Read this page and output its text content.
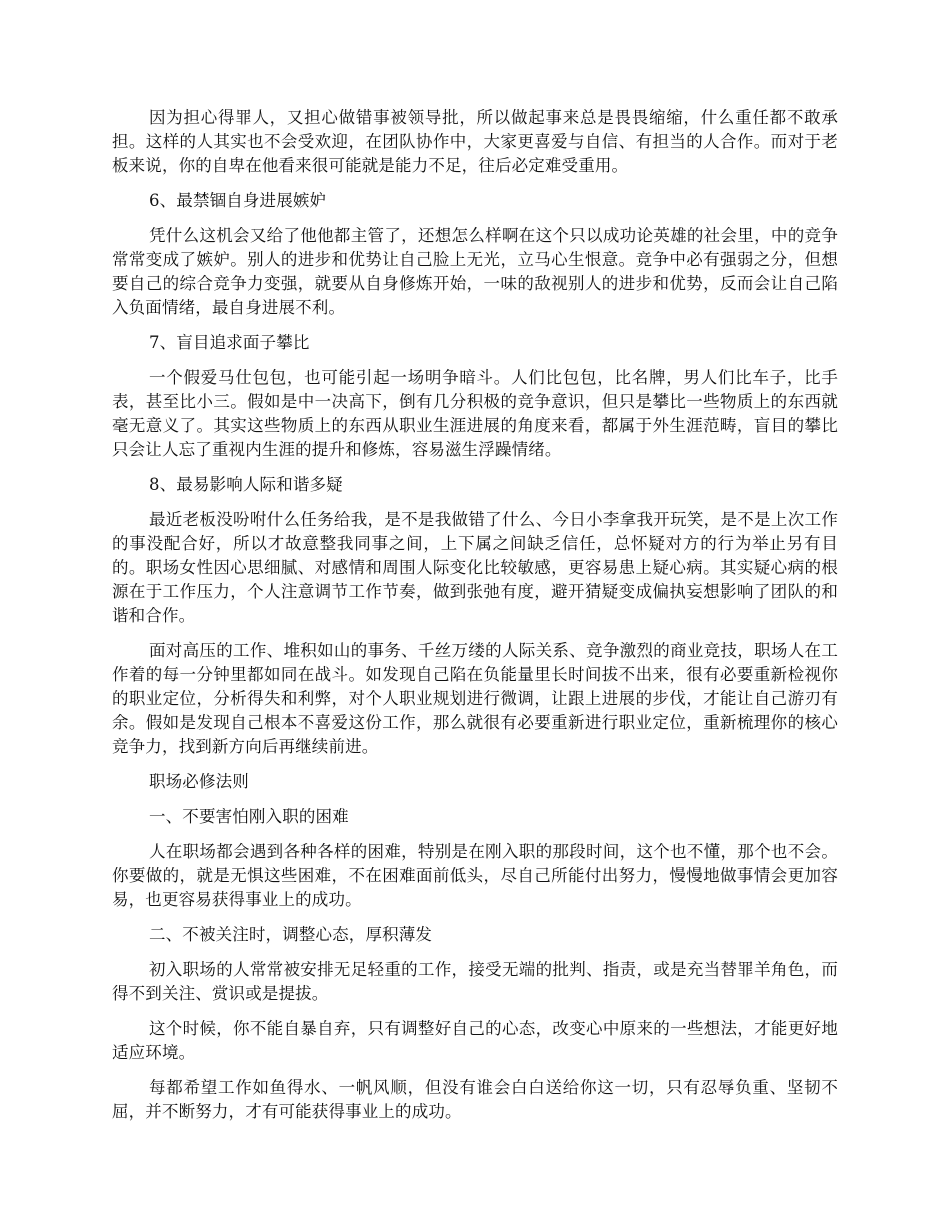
因为担心得罪人，又担心做错事被领导批，所以做起事来总是畏畏缩缩，什么重任都不敢承担。这样的人其实也不会受欢迎，在团队协作中，大家更喜爱与自信、有担当的人合作。而对于老板来说，你的自卑在他看来很可能就是能力不足，往后必定难受重用。

6、最禁锢自身进展嫉妒

凭什么这机会又给了他他都主管了，还想怎么样啊在这个只以成功论英雄的社会里，中的竞争常常变成了嫉妒。别人的进步和优势让自己脸上无光，立马心生恨意。竞争中必有强弱之分，但想要自己的综合竞争力变强，就要从自身修炼开始，一味的敌视别人的进步和优势，反而会让自己陷入负面情绪，最自身进展不利。

7、盲目追求面子攀比

一个假爱马仕包包，也可能引起一场明争暗斗。人们比包包，比名牌，男人们比车子，比手表，甚至比小三。假如是中一决高下，倒有几分积极的竞争意识，但只是攀比一些物质上的东西就毫无意义了。其实这些物质上的东西从职业生涯进展的角度来看，都属于外生涯范畴，盲目的攀比只会让人忘了重视内生涯的提升和修炼，容易滋生浮躁情绪。

8、最易影响人际和谐多疑

最近老板没吩咐什么任务给我，是不是我做错了什么、今日小李拿我开玩笑，是不是上次工作的事没配合好，所以才故意整我同事之间，上下属之间缺乏信任，总怀疑对方的行为举止另有目的。职场女性因心思细腻、对感情和周围人际变化比较敏感，更容易患上疑心病。其实疑心病的根源在于工作压力，个人注意调节工作节奏，做到张弛有度，避开猜疑变成偏执妄想影响了团队的和谐和合作。

面对高压的工作、堆积如山的事务、千丝万缕的人际关系、竞争激烈的商业竞技，职场人在工作着的每一分钟里都如同在战斗。如发现自己陷在负能量里长时间拔不出来，很有必要重新检视你的职业定位，分析得失和利弊，对个人职业规划进行微调，让跟上进展的步伐，才能让自己游刃有余。假如是发现自己根本不喜爱这份工作，那么就很有必要重新进行职业定位，重新梳理你的核心竞争力，找到新方向后再继续前进。

职场必修法则

一、不要害怕刚入职的困难

人在职场都会遇到各种各样的困难，特别是在刚入职的那段时间，这个也不懂，那个也不会。你要做的，就是无惧这些困难，不在困难面前低头，尽自己所能付出努力，慢慢地做事情会更加容易，也更容易获得事业上的成功。

二、不被关注时，调整心态，厚积薄发

初入职场的人常常被安排无足轻重的工作，接受无端的批判、指责，或是充当替罪羊角色，而得不到关注、赏识或是提拔。

这个时候，你不能自暴自弃，只有调整好自己的心态，改变心中原来的一些想法，才能更好地适应环境。

每都希望工作如鱼得水、一帆风顺，但没有谁会白白送给你这一切，只有忍辱负重、坚韧不屈，并不断努力，才有可能获得事业上的成功。
